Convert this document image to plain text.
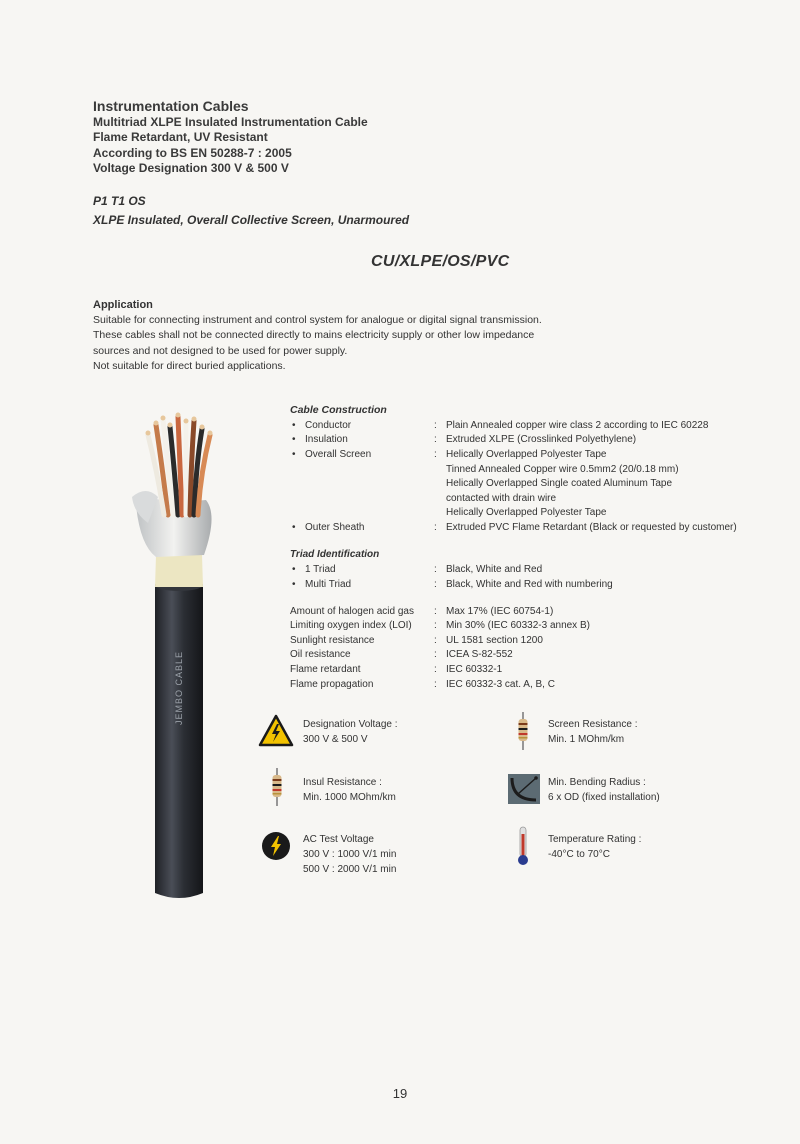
Instrumentation Cables
Multitriad XLPE Insulated Instrumentation Cable
Flame Retardant, UV Resistant
According to BS EN 50288-7 : 2005
Voltage Designation 300 V & 500 V
P1 T1 OS
XLPE Insulated, Overall Collective Screen, Unarmoured
CU/XLPE/OS/PVC
Application
Suitable for connecting instrument and control system for analogue or digital signal transmission.
These cables shall not be connected directly to mains electricity supply or other low impedance
sources and not designed to be used for power supply.
Not suitable for direct buried applications.
JEMBO CABLE
Cable Construction
• Conductor	: Plain Annealed copper wire class 2 according to IEC 60228
• Insulation	: Extruded XLPE (Crosslinked Polyethylene)
• Overall Screen	: Helically Overlapped Polyester Tape
Tinned Annealed Copper wire 0.5mm2 (20/0.18 mm)
Helically Overlapped Single coated Aluminum Tape
contacted with drain wire
Helically Overlapped Polyester Tape
• Outer Sheath	: Extruded PVC Flame Retardant (Black or requested by customer)
Triad Identification
• 1 Triad	: Black, White and Red
• Multi Triad	: Black, White and Red with numbering
Amount of halogen acid gas : Max 17% (IEC 60754-1)
Limiting oxygen index (LOI) : Min 30% (IEC 60332-3 annex B)
Sunlight resistance	: UL 1581 section 1200
Oil resistance	: ICEA S-82-552
Flame retardant	: IEC 60332-1
Flame propagation	: IEC 60332-3 cat. A, B, C
Designation Voltage :
300 V & 500 V
Insul Resistance :
Min. 1000 MOhm/km
AC Test Voltage
300 V : 1000 V/1 min
500 V : 2000 V/1 min
Screen Resistance :
Min. 1 MOhm/km
Min. Bending Radius :
6 x OD (fixed installation)
Temperature Rating :
-40°C to 70°C
19
